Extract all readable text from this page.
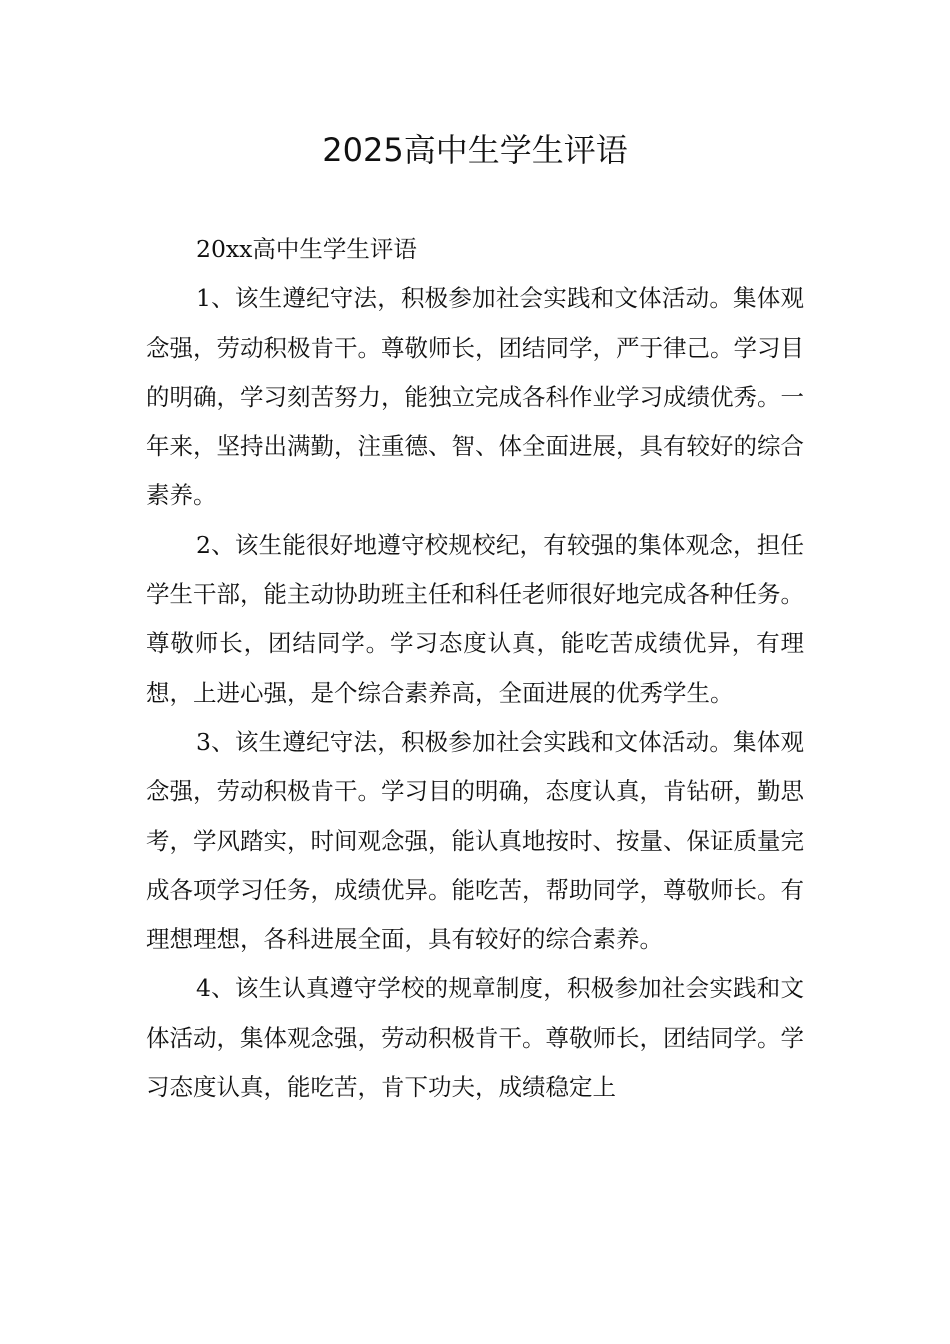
2025高中生学生评语

20xx高中生学生评语

1、该生遵纪守法，积极参加社会实践和文体活动。集体观念强，劳动积极肯干。尊敬师长，团结同学，严于律己。学习目的明确，学习刻苦努力，能独立完成各科作业学习成绩优秀。一年来，坚持出满勤，注重德、智、体全面进展，具有较好的综合素养。

2、该生能很好地遵守校规校纪，有较强的集体观念，担任学生干部，能主动协助班主任和科任老师很好地完成各种任务。尊敬师长，团结同学。学习态度认真，能吃苦成绩优异，有理想，上进心强，是个综合素养高，全面进展的优秀学生。

3、该生遵纪守法，积极参加社会实践和文体活动。集体观念强，劳动积极肯干。学习目的明确，态度认真，肯钻研，勤思考，学风踏实，时间观念强，能认真地按时、按量、保证质量完成各项学习任务，成绩优异。能吃苦，帮助同学，尊敬师长。有理想理想，各科进展全面，具有较好的综合素养。

4、该生认真遵守学校的规章制度，积极参加社会实践和文体活动，集体观念强，劳动积极肯干。尊敬师长，团结同学。学习态度认真，能吃苦，肯下功夫，成绩稳定上
